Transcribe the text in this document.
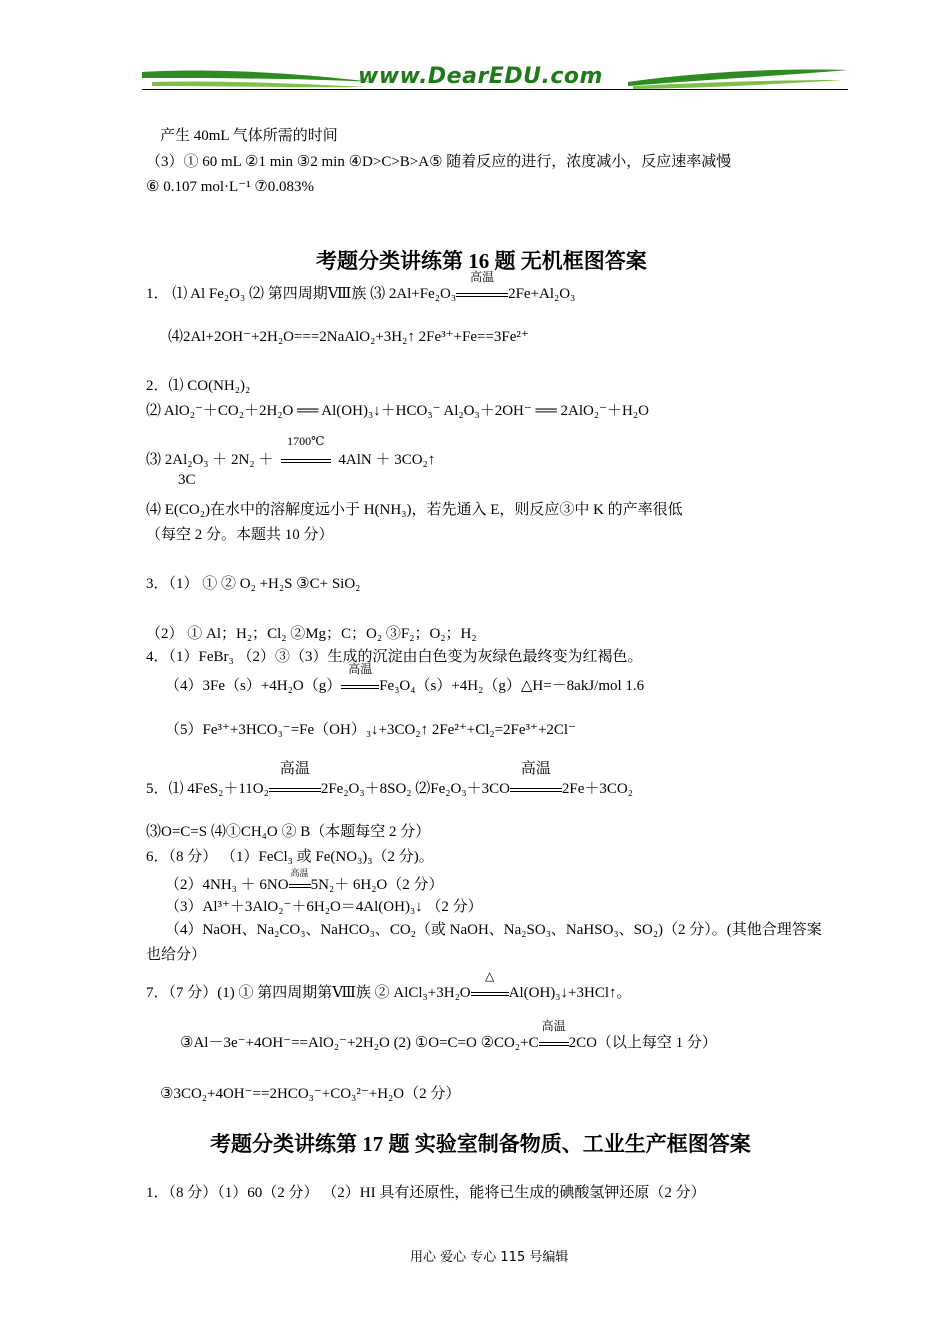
www.DearEDU.com
产生 40mL 气体所需的时间
（3）① 60 mL ②1 min ③2 min ④D>C>B>A⑤ 随着反应的进行，浓度减小，反应速率减慢
⑥ 0.107 mol·L⁻¹ ⑦0.083%
考题分类讲练第 16 题 无机框图答案
1． ⑴ Al Fe₂O₃ ⑵ 第四周期Ⅷ族 ⑶ 2Al+Fe₂O₃
高温
2Fe+Al₂O₃
⑷2Al+2OH⁻+2H₂O===2NaAlO₂+3H₂↑ 2Fe³⁺+Fe==3Fe²⁺
2．⑴ CO(NH₂)₂
⑵ AlO₂⁻＋CO₂＋2H₂O ══ Al(OH)₃↓＋HCO₃⁻ Al₂O₃＋2OH⁻ ══ 2AlO₂⁻＋H₂O
⑶ 2Al₂O₃ ＋ 2N₂ ＋
1700℃
4AlN ＋ 3CO₂↑
3C
⑷ E(CO₂)在水中的溶解度远小于 H(NH₃)，若先通入 E，则反应③中 K 的产率很低
（每空 2 分。本题共 10 分）
3．（1） ① ② O₂ +H₂S ③C+ SiO₂
（2） ① Al；H₂；Cl₂ ②Mg；C；O₂ ③F₂；O₂；H₂
4．（1）FeBr₃ （2）③（3）生成的沉淀由白色变为灰绿色最终变为红褐色。
（4）3Fe（s）+4H₂O（g）
高温
Fe₃O₄（s）+4H₂（g）△H=－8akJ/mol 1.6
（5）Fe³⁺+3HCO₃⁻=Fe（OH）₃↓+3CO₂↑ 2Fe²⁺+Cl₂=2Fe³⁺+2Cl⁻
5．⑴ 4FeS₂＋11O₂
高温
2Fe₂O₃＋8SO₂ ⑵Fe₂O₃＋3CO
高温
2Fe＋3CO₂
⑶O=C=S ⑷①CH₄O ② B（本题每空 2 分）
6．（8 分） （1）FeCl₃ 或 Fe(NO₃)₃（2 分)。
（2）4NH₃ ＋ 6NO
高温
5N₂＋ 6H₂O（2 分）
（3）Al³⁺＋3AlO₂⁻＋6H₂O＝4Al(OH)₃↓ （2 分）
（4）NaOH、Na₂CO₃、NaHCO₃、CO₂（或 NaOH、Na₂SO₃、NaHSO₃、SO₂)（2 分）。(其他合理答案
也给分）
7．（7 分）(1) ① 第四周期第Ⅷ族 ② AlCl₃+3H₂O
△
Al(OH)₃↓+3HCl↑。
③Al－3e⁻+4OH⁻==AlO₂⁻+2H₂O (2) ①O=C=O ②CO₂+C
高温
2CO（以上每空 1 分）
③3CO₂+4OH⁻==2HCO₃⁻+CO₃²⁻+H₂O（2 分）
考题分类讲练第 17 题 实验室制备物质、工业生产框图答案
1．（8 分）（1）60（2 分） （2）HI 具有还原性，能将已生成的碘酸氢钾还原（2 分）
用心 爱心 专心 115 号编辑
